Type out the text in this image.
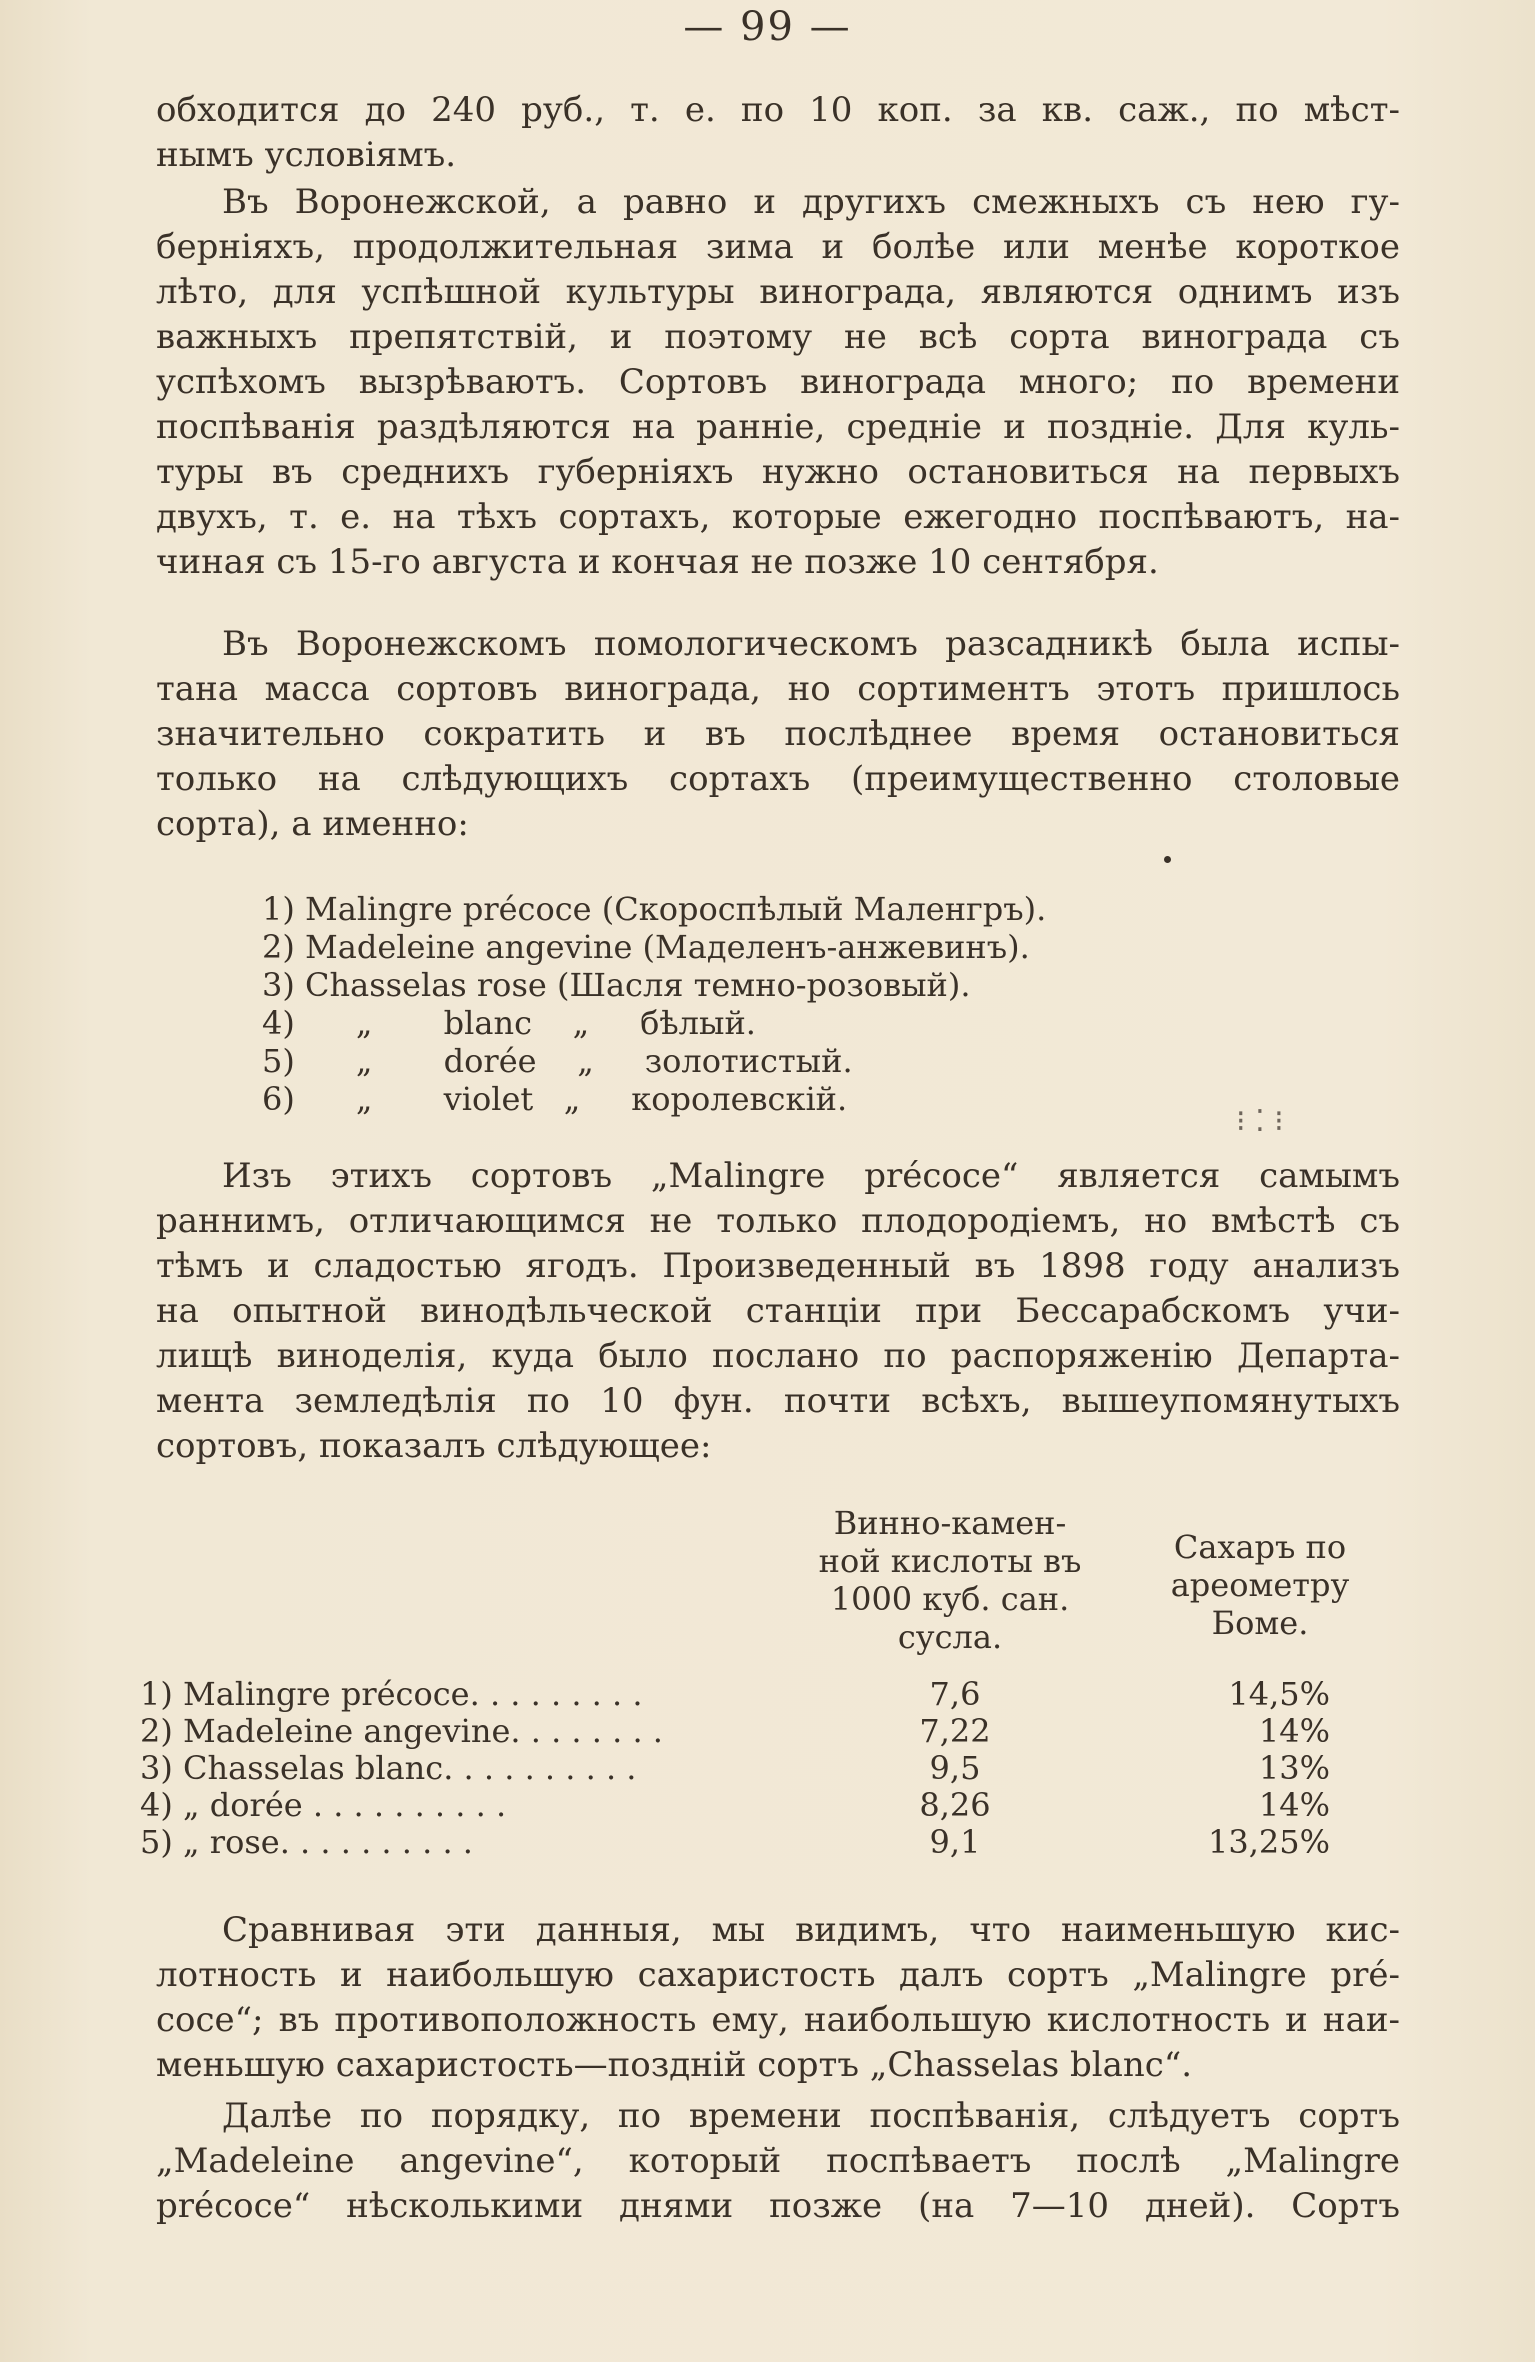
— 99 —
обходится до 240 руб., т. е. по 10 коп. за кв. саж., по мѣст-
нымъ условіямъ.
Въ Воронежской, а равно и другихъ смежныхъ съ нею гу-
берніяхъ, продолжительная зима и болѣе или менѣе короткое
лѣто, для успѣшной культуры винограда, являются однимъ изъ
важныхъ препятствій, и поэтому не всѣ сорта винограда съ
успѣхомъ вызрѣваютъ. Сортовъ винограда много; по времени
поспѣванія раздѣляются на ранніе, средніе и поздніе. Для куль-
туры въ среднихъ губерніяхъ нужно остановиться на первыхъ
двухъ, т. е. на тѣхъ сортахъ, которые ежегодно поспѣваютъ, на-
чиная съ 15-го августа и кончая не позже 10 сентября.
Въ Воронежскомъ помологическомъ разсадникѣ была испы-
тана масса сортовъ винограда, но сортиментъ этотъ пришлось
значительно сократить и въ послѣднее время остановиться
только на слѣдующихъ сортахъ (преимущественно столовые
сорта), а именно:
1) Malingre précoce (Скороспѣлый Маленгръ).
2) Madeleine angevine (Маделенъ-анжевинъ).
3) Chasselas rose (Шасля темно-розовый).
4)      „       blanc    „     бѣлый.
5)      „       dorée    „     золотистый.
6)      „       violet   „     королевскій.
⁝ ⁚ ⁝
Изъ этихъ сортовъ „Malingre précoce“ является самымъ
раннимъ, отличающимся не только плодородіемъ, но вмѣстѣ съ
тѣмъ и сладостью ягодъ. Произведенный въ 1898 году анализъ
на опытной винодѣльческой станціи при Бессарабскомъ учи-
лищѣ виноделія, куда было послано по распоряженію Департа-
мента земледѣлія по 10 фун. почти всѣхъ, вышеупомянутыхъ
сортовъ, показалъ слѣдующее:
Винно-камен-
ной кислоты въ
1000 куб. сан.
сусла.
Сахаръ по
ареометру
Боме.
1) Malingre précoce. . . . . . . . .	7,6	14,5%
2) Madeleine angevine. . . . . . . .	7,22	14%
3) Chasselas blanc. . . . . . . . . .	9,5	13%
4) „ dorée . . . . . . . . . .	8,26	14%
5) „ rose. . . . . . . . . .	9,1	13,25%
Сравнивая эти данныя, мы видимъ, что наименьшую кис-
лотность и наибольшую сахаристость далъ сортъ „Malingre pré-
coce“; въ противоположность ему, наибольшую кислотность и наи-
меньшую сахаристость—поздній сортъ „Chasselas blanc“.
Далѣе по порядку, по времени поспѣванія, слѣдуетъ сортъ
„Madeleine angevine“, который поспѣваетъ послѣ „Malingre
précoce“ нѣсколькими днями позже (на 7—10 дней). Сортъ
